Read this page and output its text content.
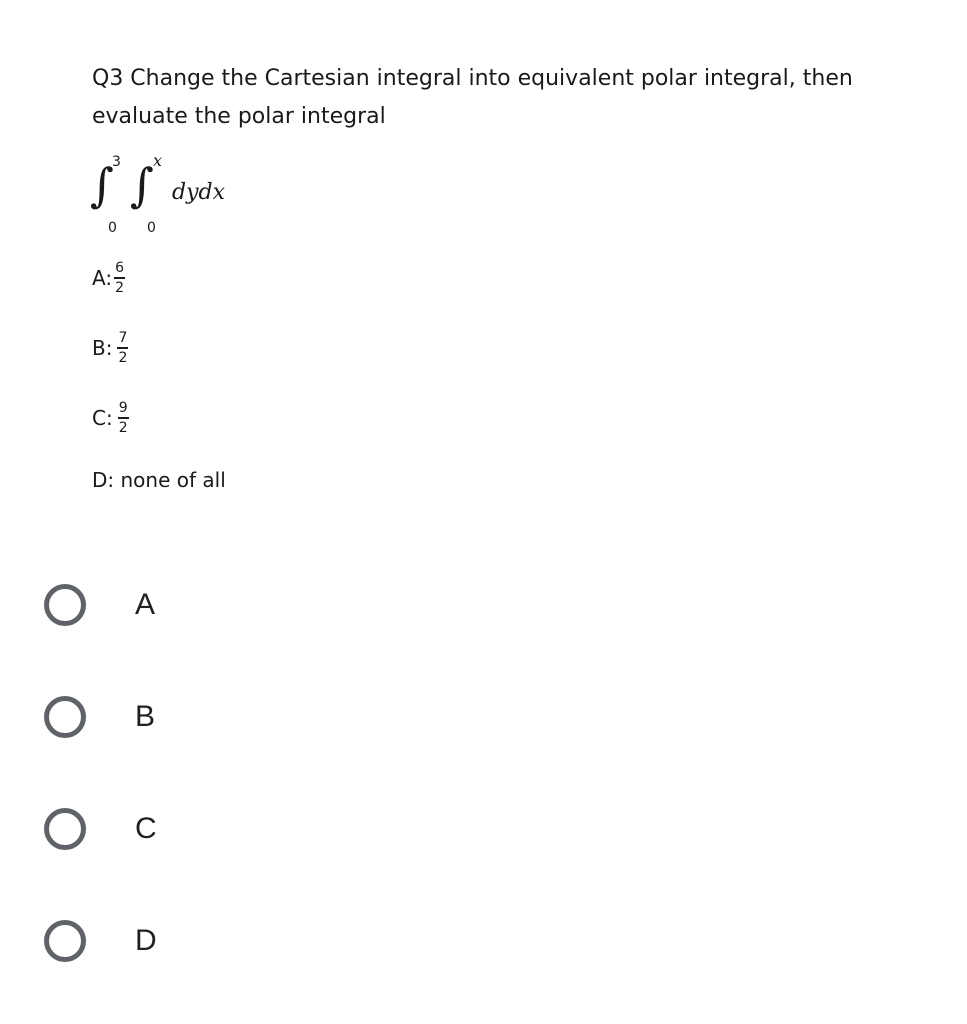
Q3 Change the Cartesian integral into equivalent polar integral, then
evaluate the polar integral
∫
3
0
∫ x
0
dydx
A: $\frac{6}{2}$
B: $\frac{7}{2}$
C: $\frac{9}{2}$
D: none of all
A
B
C
D
